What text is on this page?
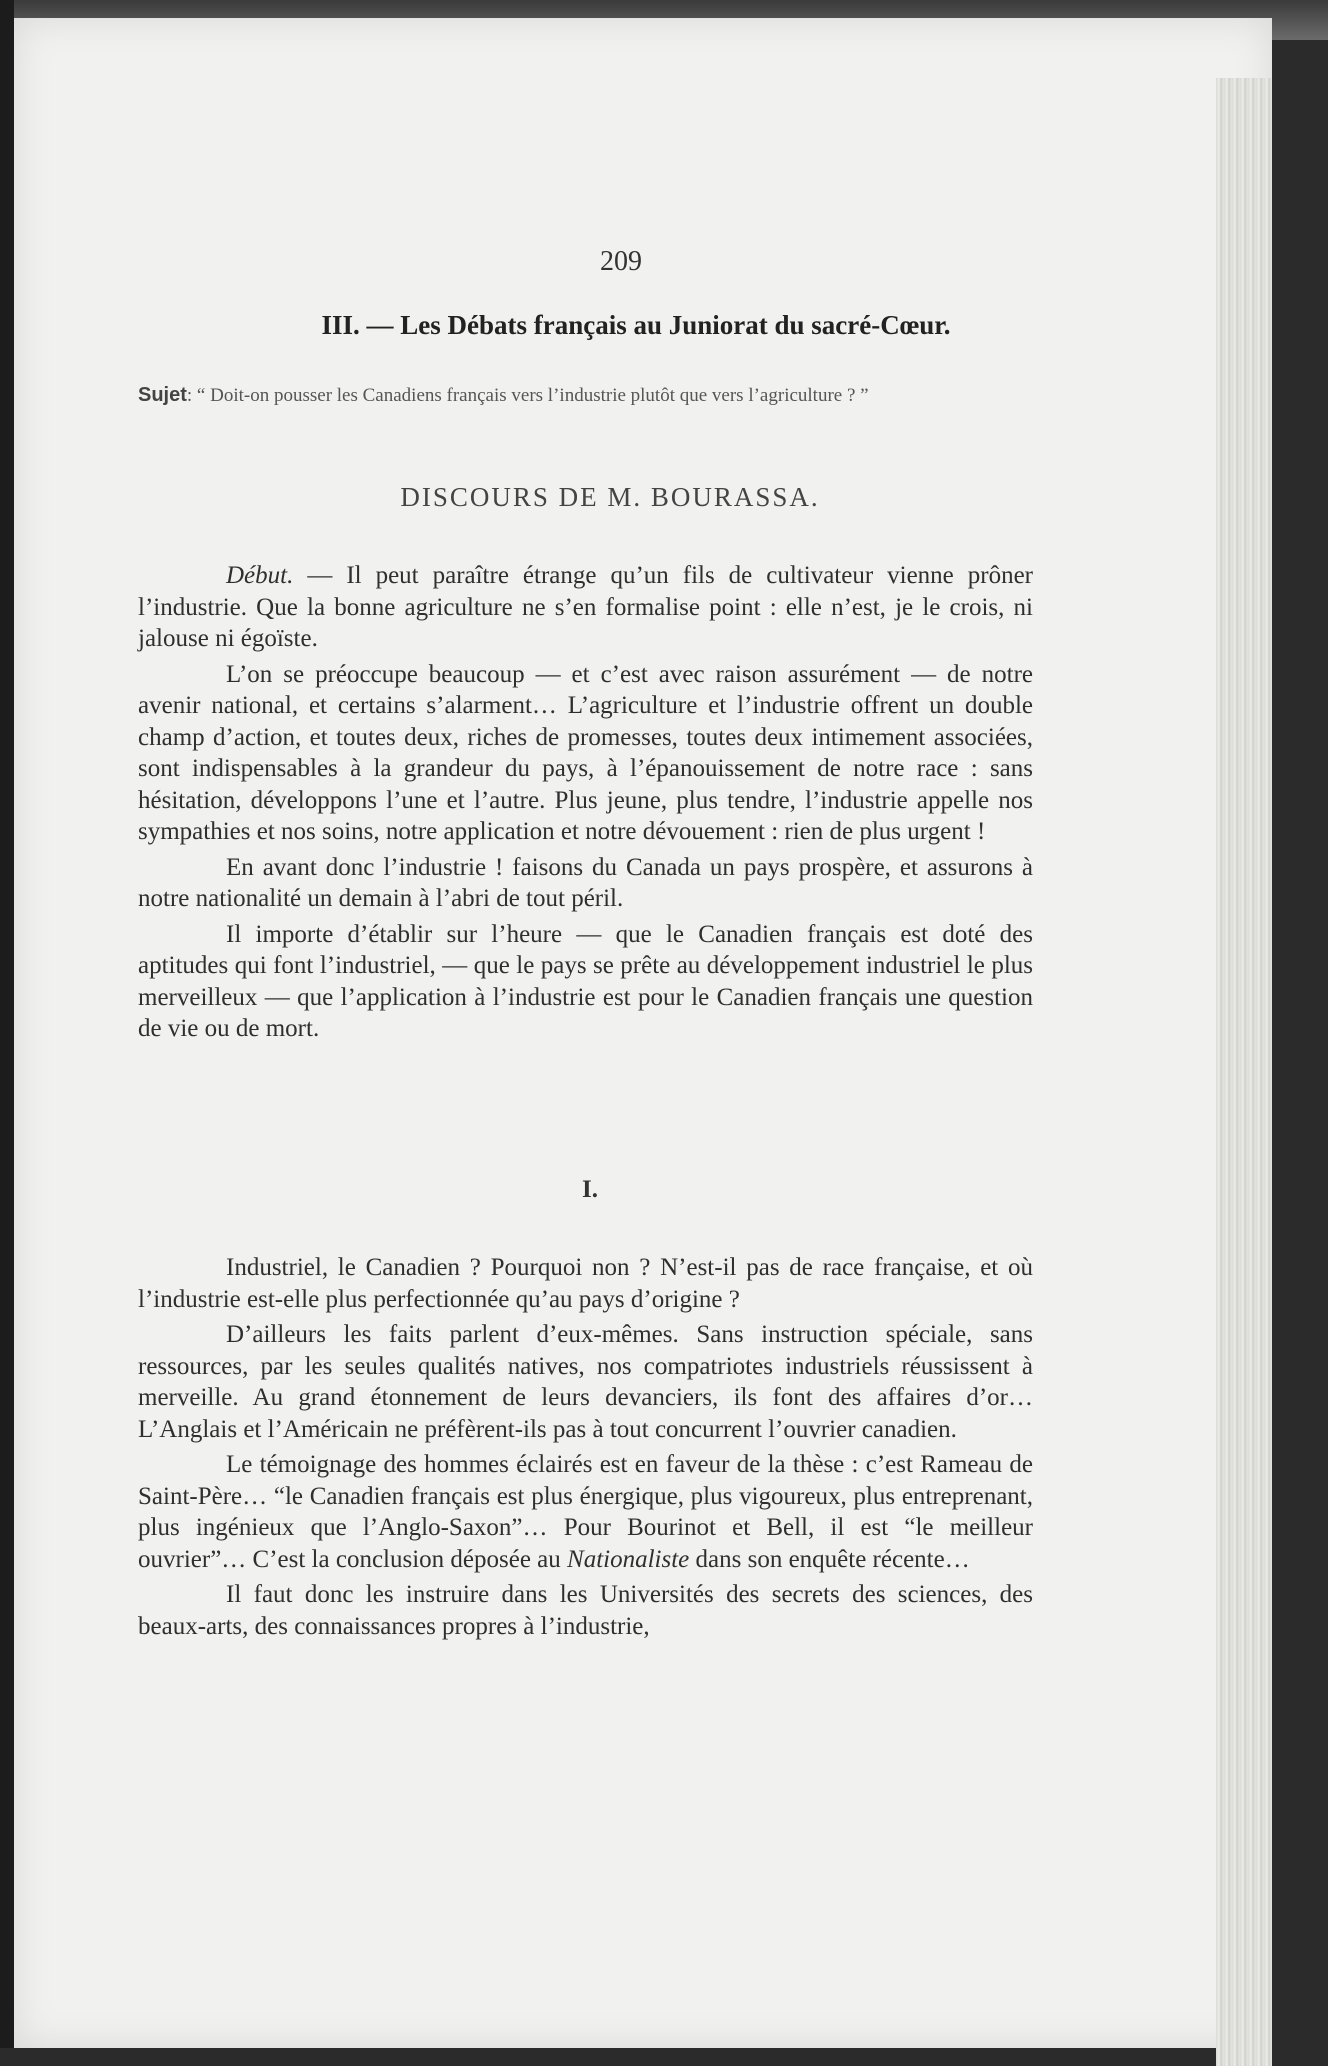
209
III. — Les Débats français au Juniorat du sacré-Cœur.
Sujet: “ Doit-on pousser les Canadiens français vers l’industrie plutôt que vers l’agriculture ? ”
DISCOURS DE M. BOURASSA.

Début. — Il peut paraître étrange qu’un fils de cultivateur vienne prôner l’industrie. Que la bonne agriculture ne s’en formalise point : elle n’est, je le crois, ni jalouse ni égoïste.

L’on se préoccupe beaucoup — et c’est avec raison assurément — de notre avenir national, et certains s’alarment… L’agriculture et l’industrie offrent un double champ d’action, et toutes deux, riches de promesses, toutes deux intimement associées, sont indispensables à la grandeur du pays, à l’épanouissement de notre race : sans hésitation, développons l’une et l’autre. Plus jeune, plus tendre, l’industrie appelle nos sympathies et nos soins, notre application et notre dévouement : rien de plus urgent !

En avant donc l’industrie ! faisons du Canada un pays prospère, et assurons à notre nationalité un demain à l’abri de tout péril.

Il importe d’établir sur l’heure — que le Canadien français est doté des aptitudes qui font l’industriel, — que le pays se prête au développement industriel le plus merveilleux — que l’application à l’industrie est pour le Canadien français une question de vie ou de mort.

I.

Industriel, le Canadien ? Pourquoi non ? N’est-il pas de race française, et où l’industrie est-elle plus perfectionnée qu’au pays d’origine ?

D’ailleurs les faits parlent d’eux-mêmes. Sans instruction spéciale, sans ressources, par les seules qualités natives, nos compatriotes industriels réussissent à merveille. Au grand étonnement de leurs devanciers, ils font des affaires d’or… L’Anglais et l’Américain ne préfèrent-ils pas à tout concurrent l’ouvrier canadien.

Le témoignage des hommes éclairés est en faveur de la thèse : c’est Rameau de Saint-Père… “le Canadien français est plus énergique, plus vigoureux, plus entreprenant, plus ingénieux que l’Anglo-Saxon”… Pour Bourinot et Bell, il est “le meilleur ouvrier”… C’est la conclusion déposée au Nationaliste dans son enquête récente…

Il faut donc les instruire dans les Universités des secrets des sciences, des beaux-arts, des connaissances propres à l’industrie,
